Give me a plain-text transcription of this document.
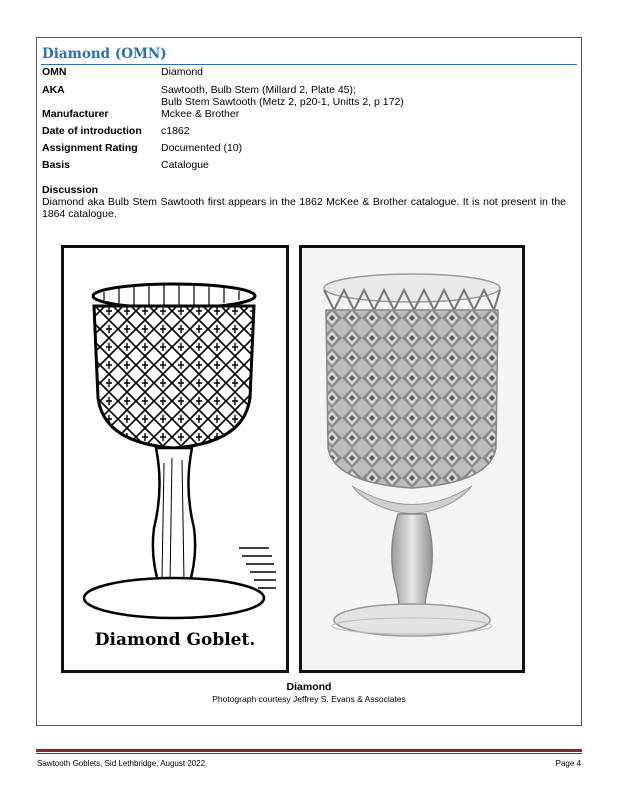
Diamond (OMN)
OMN	Diamond
AKA	Sawtooth, Bulb Stem (Millard 2, Plate 45);
Bulb Stem Sawtooth (Metz 2, p20-1, Unitts 2, p 172)
Manufacturer	Mckee & Brother
Date of introduction	c1862
Assignment Rating	Documented (10)
Basis	Catalogue
Discussion
Diamond aka Bulb Stem Sawtooth first appears in the 1862 McKee & Brother catalogue. It is not present in the 1864 catalogue.
Diamond Goblet.
Diamond
Photograph courtesy Jeffrey S. Evans & Associates
Sawtooth Goblets, Sid Lethbridge, August 2022	Page 4
